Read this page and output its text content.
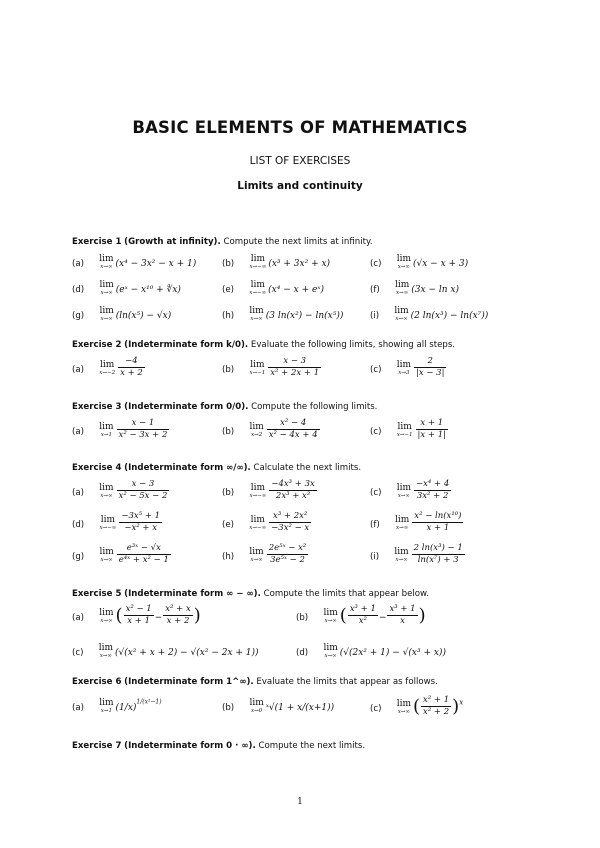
BASIC ELEMENTS OF MATHEMATICS
LIST OF EXERCISES
Limits and continuity
Exercise 1 (Growth at infinity). Compute the next limits at infinity.
(a)
lim
x→∞ (x⁴ − 3x² − x + 1)	(b)
lim
x→−∞ (x³ + 3x² + x)	(c)
lim
x→∞ (√x − x + 3)
(d)
lim
x→∞ (eˣ − x¹⁰ + ∜x)	(e)
lim
x→−∞ (x⁴ − x + eˣ)	(f)
lim
x→∞ (3x − ln x)
(g)
lim
x→∞ (ln(x⁵) − √x)	(h)
lim
x→∞ (3 ln(x²) − ln(x⁵))	(i)
lim
x→∞ (2 ln(x³) − ln(x⁷))
Exercise 2 (Indeterminate form k/0). Evaluate the following limits, showing all steps.
(a)
lim
$x\to-2 \frac{-4}{x + 2}$	(b)
lim
$x\to-1 \frac{x - 3}{\text{x² + 2x + 1}}$	(c)
lim
$x\to 3 \frac{2}{|x - 3|}$
Exercise 3 (Indeterminate form 0/0). Compute the following limits.
(a)
lim
$x\to 1 \frac{x - 1}{\text{x² − 3x + 2}}$	(b)
lim
$x\to 2 \frac{\text{x² − 4}}{\text{x² − 4x + 4}}$	(c)
lim
$x\to-1 \frac{x + 1}{|x + 1|}$
Exercise 4 (Indeterminate form ∞/∞). Calculate the next limits.
(a)
lim
$x\to\infty \frac{x - 3}{\text{x² − 5x − 2}}$	(b)
lim
$x\to-\infty \frac{\text{−4x³ + 3x}}{\text{2x³ + x²}}$	(c)
lim
$x\to\infty \frac{\text{−x⁴ + 4}}{\text{3x² + 2}}$
(d)
lim
$x\to-\infty \frac{\text{−3x⁵ + 1}}{\text{−x² + x}}$	(e)
lim
$x\to-\infty \frac{\text{x³ + 2x²}}{\text{−3x² − x}}$	(f)
lim
$x\to\infty \frac{\text{x² − ln(x¹⁰)}}{x + 1}$
(g)
lim
$x\to\infty \frac{\text{e³ˣ − √x}}{\text{e⁴ˣ + x² − 1}}$	(h)
lim
$x\to\infty \frac{\text{2e⁵ˣ − x²}}{\text{3e⁵ˣ − 2}}$	(i)
lim
$x\to\infty \frac{\text{2 ln(x³) − 1}}{\text{ln(x⁷) + 3}}$
Exercise 5 (Indeterminate form ∞ − ∞). Compute the limits that appear below.
(a)
lim
x→∞ ( $\frac{\text{x² − 1}}{x + 1} - \frac{\text{x² + x}}{x + 2}$ )	(b)
lim
x→∞ ( $\frac{\text{x³ + 1}}{\text{x²}} - \frac{\text{x³ + 1}}{x}$ )
(c)
lim
x→∞ (√(x² + x + 2) − √(x² − 2x + 1))	(d)
lim
x→∞ (√(2x² + 1) − √(x³ + x))
Exercise 6 (Indeterminate form 1^∞). Evaluate the limits that appear as follows.
(a)
lim
x→1 $(1/x)^{1/(x^2-1)}$
(b)
lim
x→0 ˣ√(1 + x/(x+1))	(c)
lim
x→∞ ( $\frac{\text{x² + 1}}{\text{x² + 2}} )^x$
Exercise 7 (Indeterminate form 0 · ∞). Compute the next limits.
1
